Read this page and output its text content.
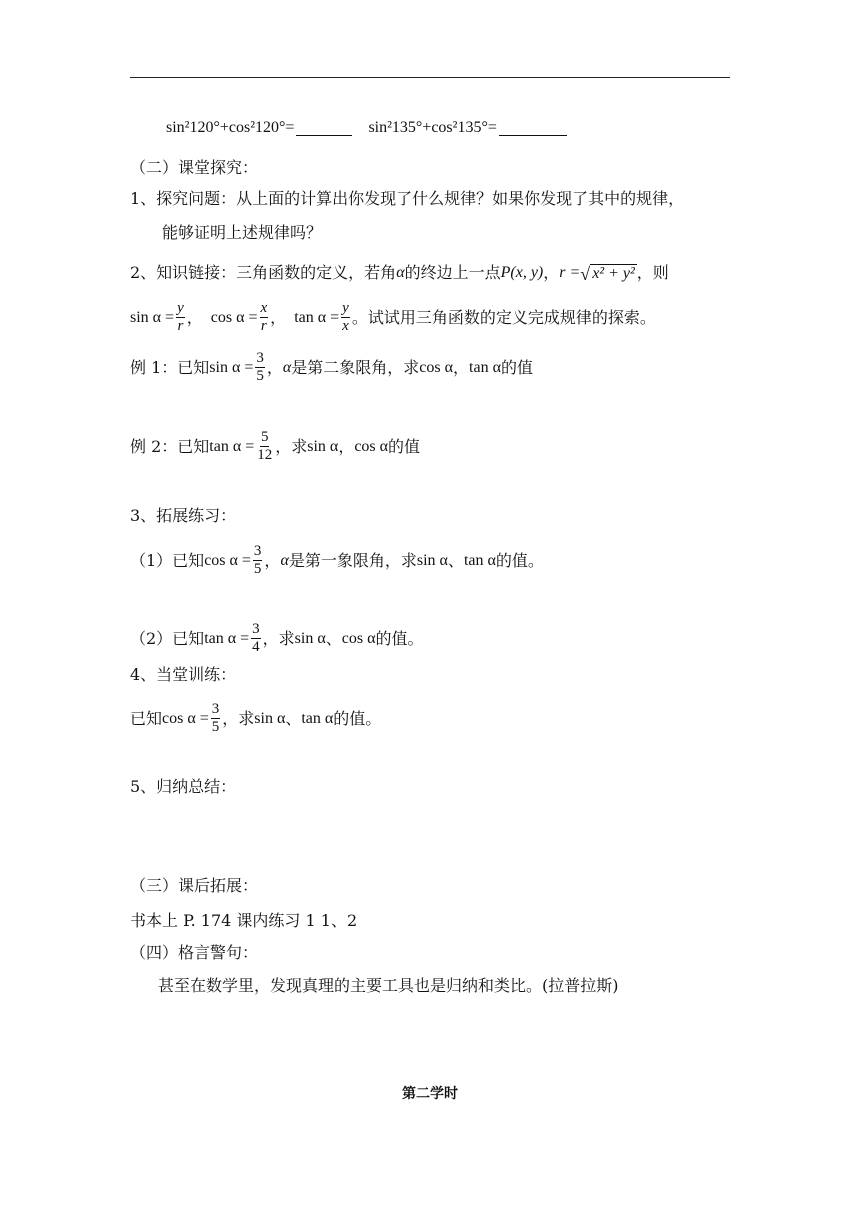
sin²120°+cos²120°=	sin²135°+cos²135°=
（二）课堂探究：
1、探究问题：从上面的计算出你发现了什么规律？如果你发现了其中的规律，
能够证明上述规律吗？
2、知识链接：三角函数的定义，若角 α 的终边上一点 P(x, y) ， r = √ x² + y² ，则
$\sin \alpha = \frac{y}{r}$ ， $\cos \alpha = \frac{x}{r}$ ， $\tan \alpha = \frac{y}{x}$ 。试试用三角函数的定义完成规律的探索。
例 1：已知 $\sin \alpha = \frac{3}{5}$ ， α 是第二象限角，求 cos α ， tan α 的值
例 2：已知 $\tan \alpha = \frac{5}{12}$ ，求 sin α ， cos α 的值
3、拓展练习：
（1）已知 $\cos \alpha = \frac{3}{5}$ ， α 是第一象限角，求 sin α 、 tan α 的值。
（2）已知 $\tan \alpha = \frac{3}{4}$ ，求 sin α 、 cos α 的值。
4、当堂训练：
已知 $\cos \alpha = \frac{3}{5}$ ，求 sin α 、 tan α 的值。
5、归纳总结：
（三）课后拓展：
书本上 P. 174 课内练习 1 1、2
（四）格言警句：
甚至在数学里，发现真理的主要工具也是归纳和类比。(拉普拉斯)
第二学时
